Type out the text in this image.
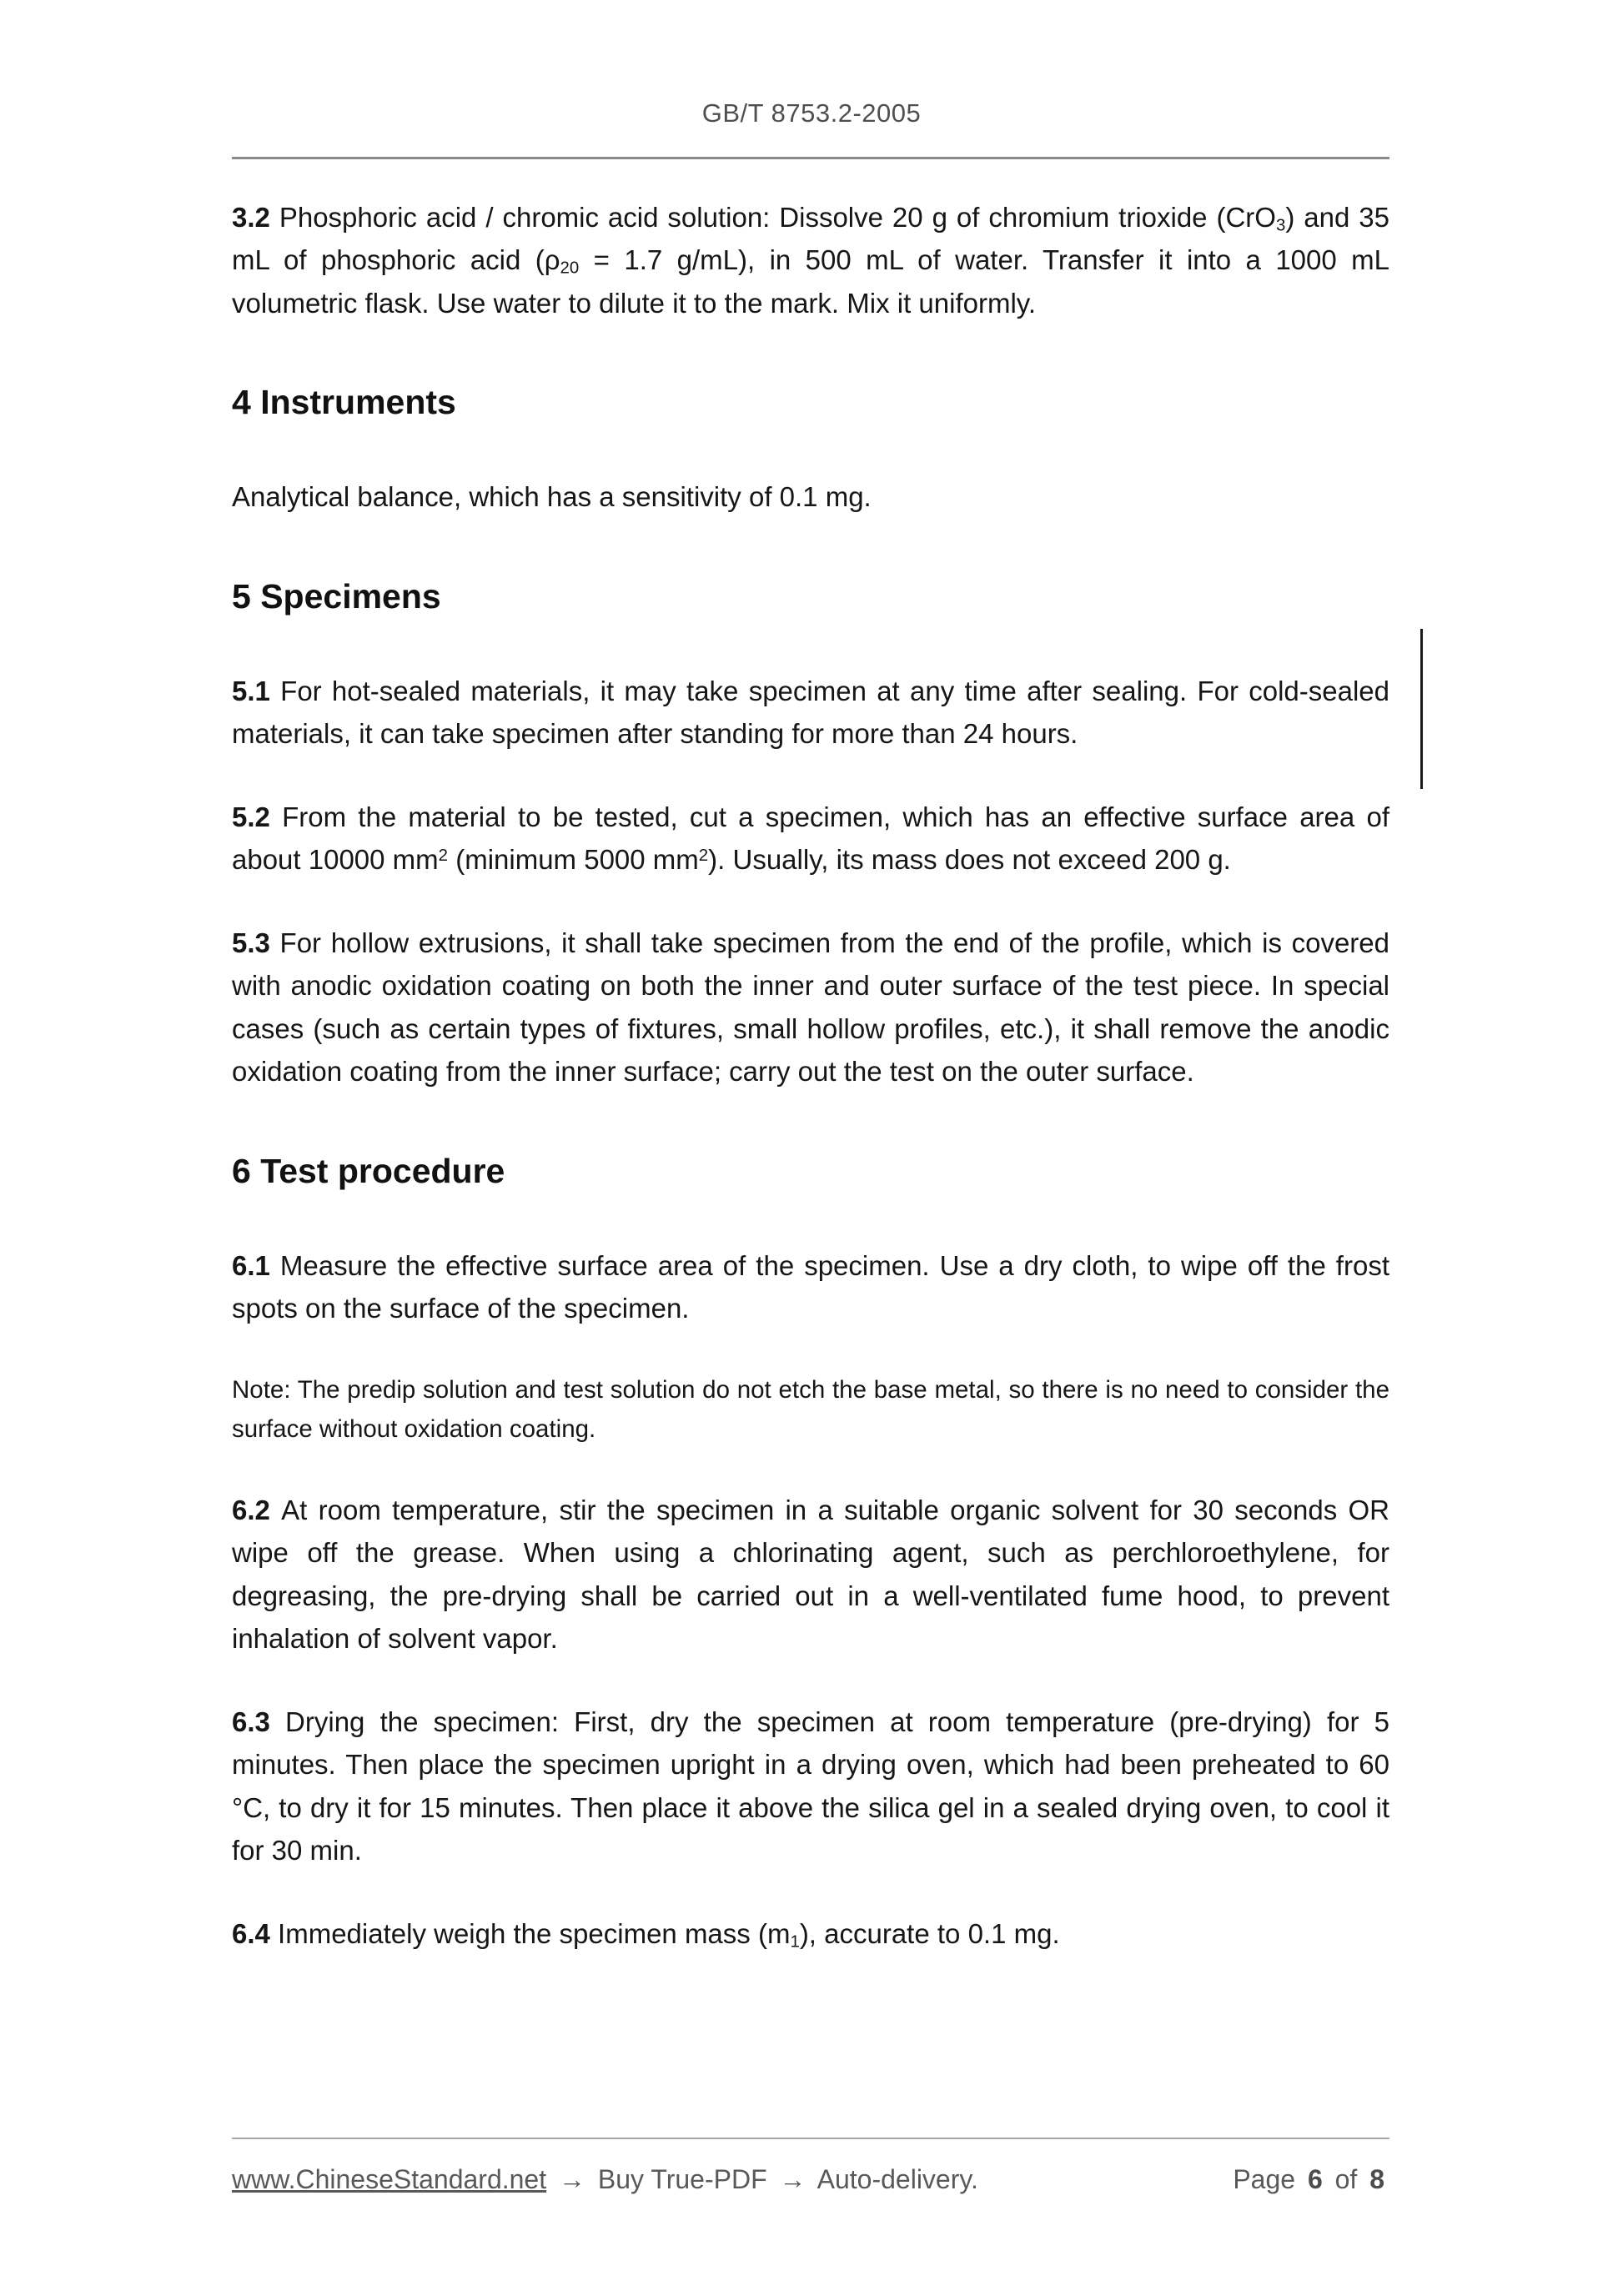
GB/T 8753.2-2005

3.2 Phosphoric acid / chromic acid solution: Dissolve 20 g of chromium trioxide (CrO$_3$) and 35 mL of phosphoric acid ($\rho_{20} = 1.7$ g/mL), in 500 mL of water. Transfer it into a 1000 mL volumetric flask. Use water to dilute it to the mark. Mix it uniformly.

4 Instruments

Analytical balance, which has a sensitivity of 0.1 mg.

5 Specimens

5.1 For hot-sealed materials, it may take specimen at any time after sealing. For cold-sealed materials, it can take specimen after standing for more than 24 hours.

5.2 From the material to be tested, cut a specimen, which has an effective surface area of about 10000 $mm^2$ (minimum 5000 $mm^2$). Usually, its mass does not exceed 200 g.

5.3 For hollow extrusions, it shall take specimen from the end of the profile, which is covered with anodic oxidation coating on both the inner and outer surface of the test piece. In special cases (such as certain types of fixtures, small hollow profiles, etc.), it shall remove the anodic oxidation coating from the inner surface; carry out the test on the outer surface.

6 Test procedure

6.1 Measure the effective surface area of the specimen. Use a dry cloth, to wipe off the frost spots on the surface of the specimen.

Note: The predip solution and test solution do not etch the base metal, so there is no need to consider the surface without oxidation coating.

6.2 At room temperature, stir the specimen in a suitable organic solvent for 30 seconds OR wipe off the grease. When using a chlorinating agent, such as perchloroethylene, for degreasing, the pre-drying shall be carried out in a well-ventilated fume hood, to prevent inhalation of solvent vapor.

6.3 Drying the specimen: First, dry the specimen at room temperature (pre-drying) for 5 minutes. Then place the specimen upright in a drying oven, which had been preheated to 60 °C, to dry it for 15 minutes. Then place it above the silica gel in a sealed drying oven, to cool it for 30 min.

6.4 Immediately weigh the specimen mass $(m_1)$, accurate to 0.1 mg.

www.ChineseStandard.net → Buy True-PDF → Auto-delivery.	Page 6 of 8
